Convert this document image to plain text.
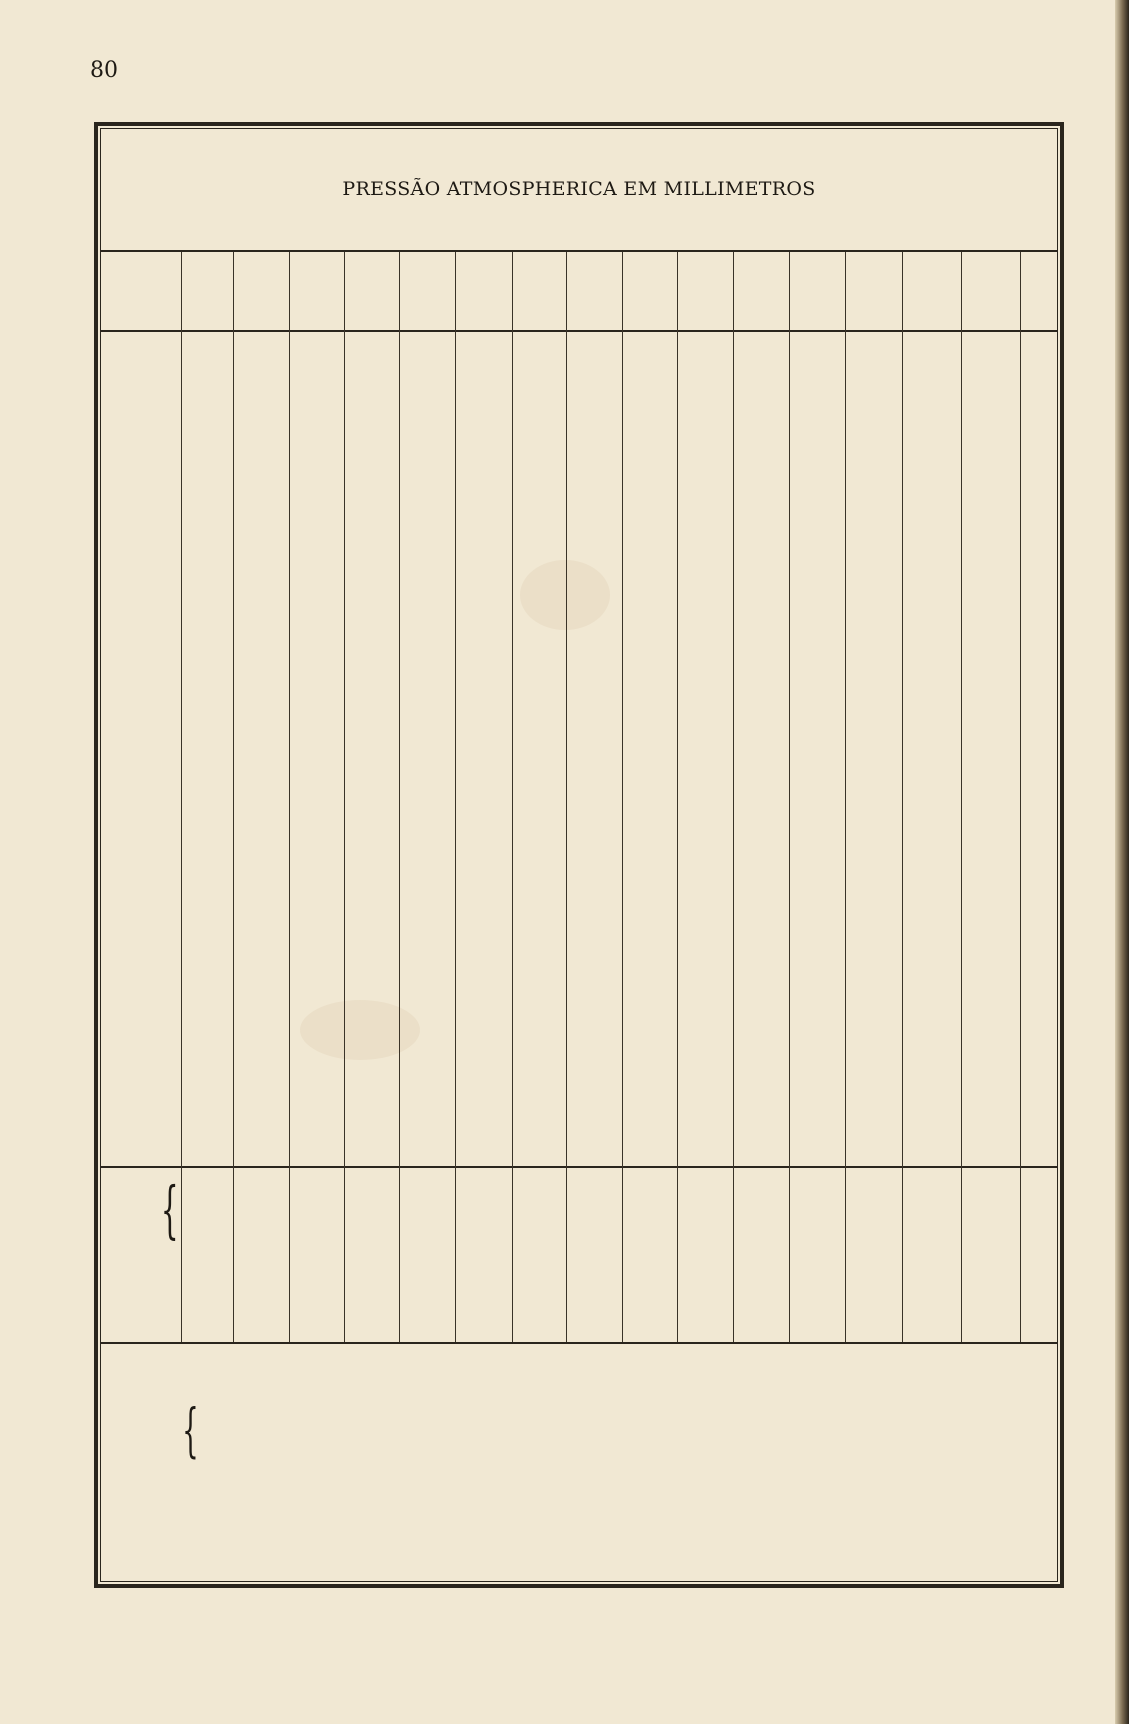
80
PRESSÃO ATMOSPHERICA EM MILLIMETROS
{
{
